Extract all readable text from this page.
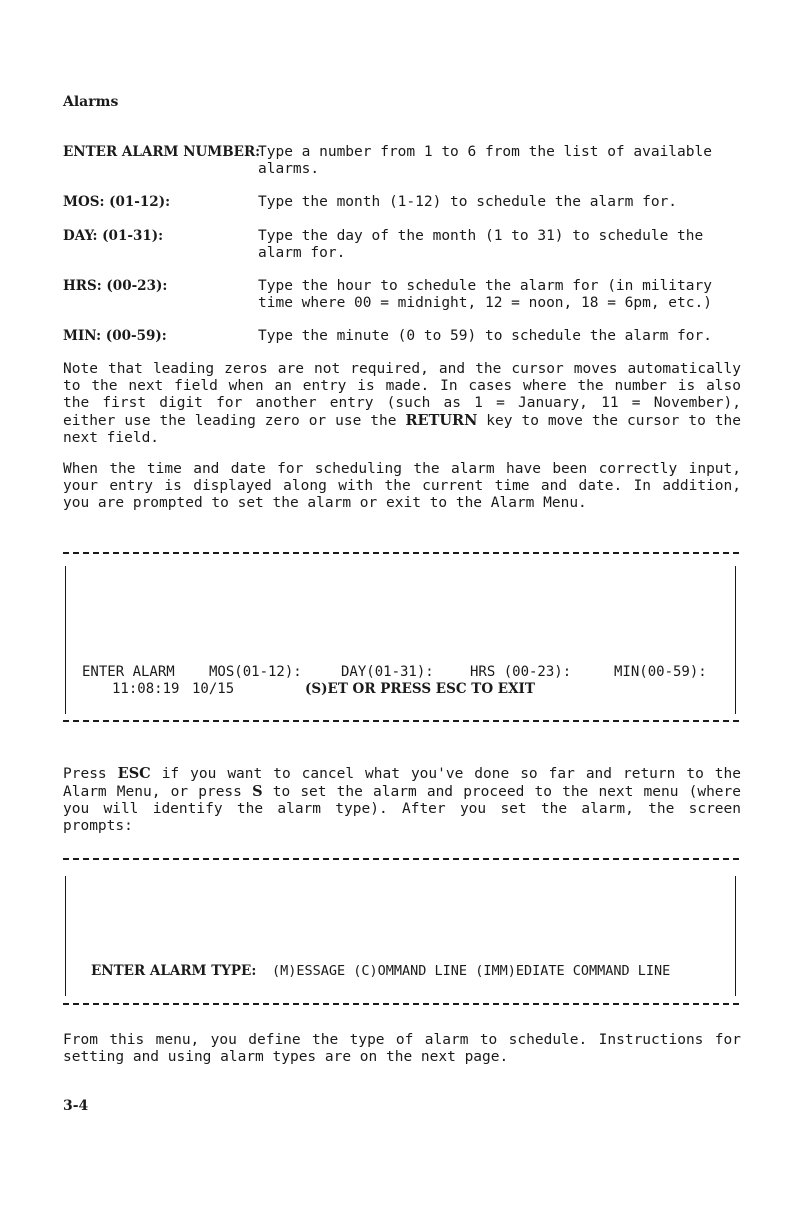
Alarms
ENTER ALARM NUMBER:
Type a number from 1 to 6 from the list of available alarms.
MOS: (01-12):	Type the month (1-12) to schedule the alarm for.
DAY: (01-31):	Type the day of the month (1 to 31) to schedule the alarm for.
HRS: (00-23):	Type the hour to schedule the alarm for (in military time where 00 = midnight, 12 = noon, 18 = 6pm, etc.)
MIN: (00-59):	Type the minute (0 to 59) to schedule the alarm for.
Note that leading zeros are not required, and the cursor moves automatically to the next field when an entry is made. In cases where the number is also the first digit for another entry (such as 1 = January, 11 = November), either use the leading zero or use the RETURN key to move the cursor to the next field.
When the time and date for scheduling the alarm have been correctly input, your entry is displayed along with the current time and date. In addition, you are prompted to set the alarm or exit to the Alarm Menu.
ENTER ALARM MOS(01-12):	DAY(01-31):	HRS (00-23):	MIN(00-59):
11:08:19 10/15	(S)ET OR PRESS ESC TO EXIT
Press ESC if you want to cancel what you've done so far and return to the Alarm Menu, or press S to set the alarm and proceed to the next menu (where you will identify the alarm type). After you set the alarm, the screen prompts:
ENTER ALARM TYPE: (M)ESSAGE (C)OMMAND LINE (IMM)EDIATE COMMAND LINE
From this menu, you define the type of alarm to schedule. Instructions for setting and using alarm types are on the next page.
3-4
